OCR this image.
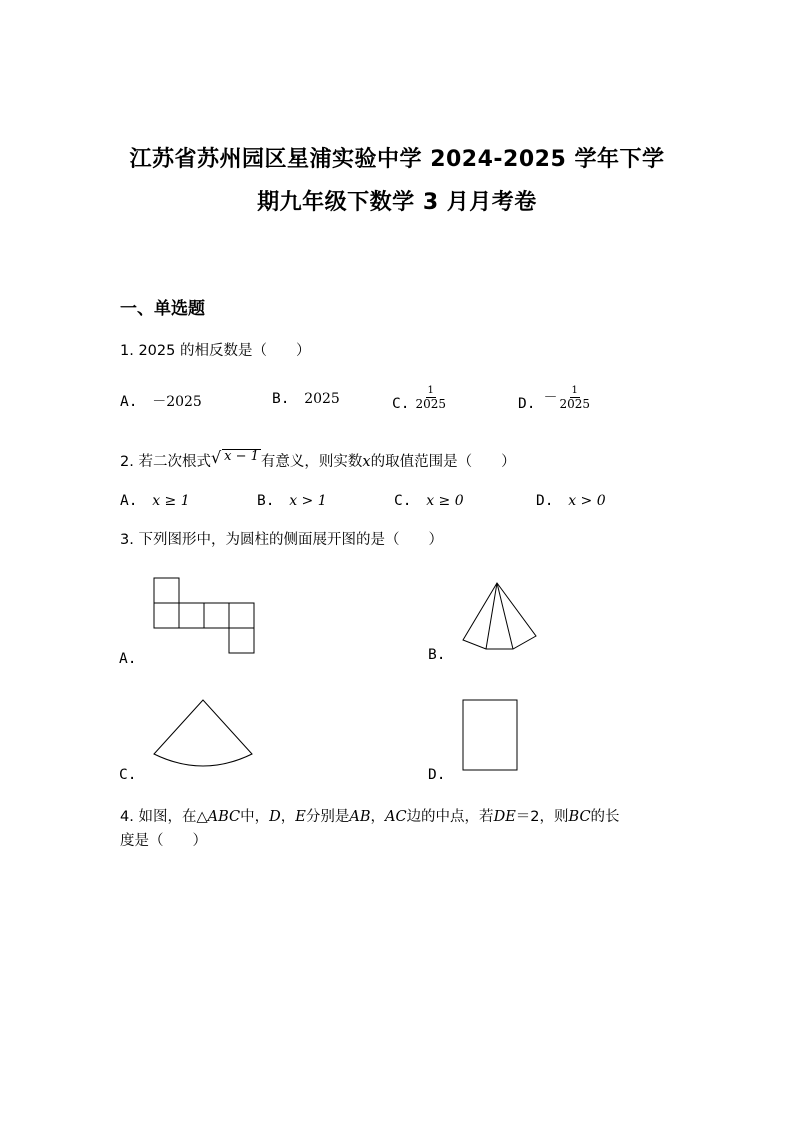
江苏省苏州园区星浦实验中学 2024-2025 学年下学
期九年级下数学 3 月月考卷
一、单选题
1. 2025 的相反数是（　　）
A. －2025	B. 2025	C. $\frac{1}{2025}$	D. － $\frac{1}{2025}$
2. 若二次根式√ x − 1 有意义，则实数x的取值范围是（　　）
A. x ≥ 1	B. x > 1	C. x ≥ 0	D. x > 0
3. 下列图形中，为圆柱的侧面展开图的是（　　）
A.	B.
C.	D.
4. 如图，在△ABC中，D，E分别是AB，AC边的中点，若DE＝2，则BC的长
度是（　　）
